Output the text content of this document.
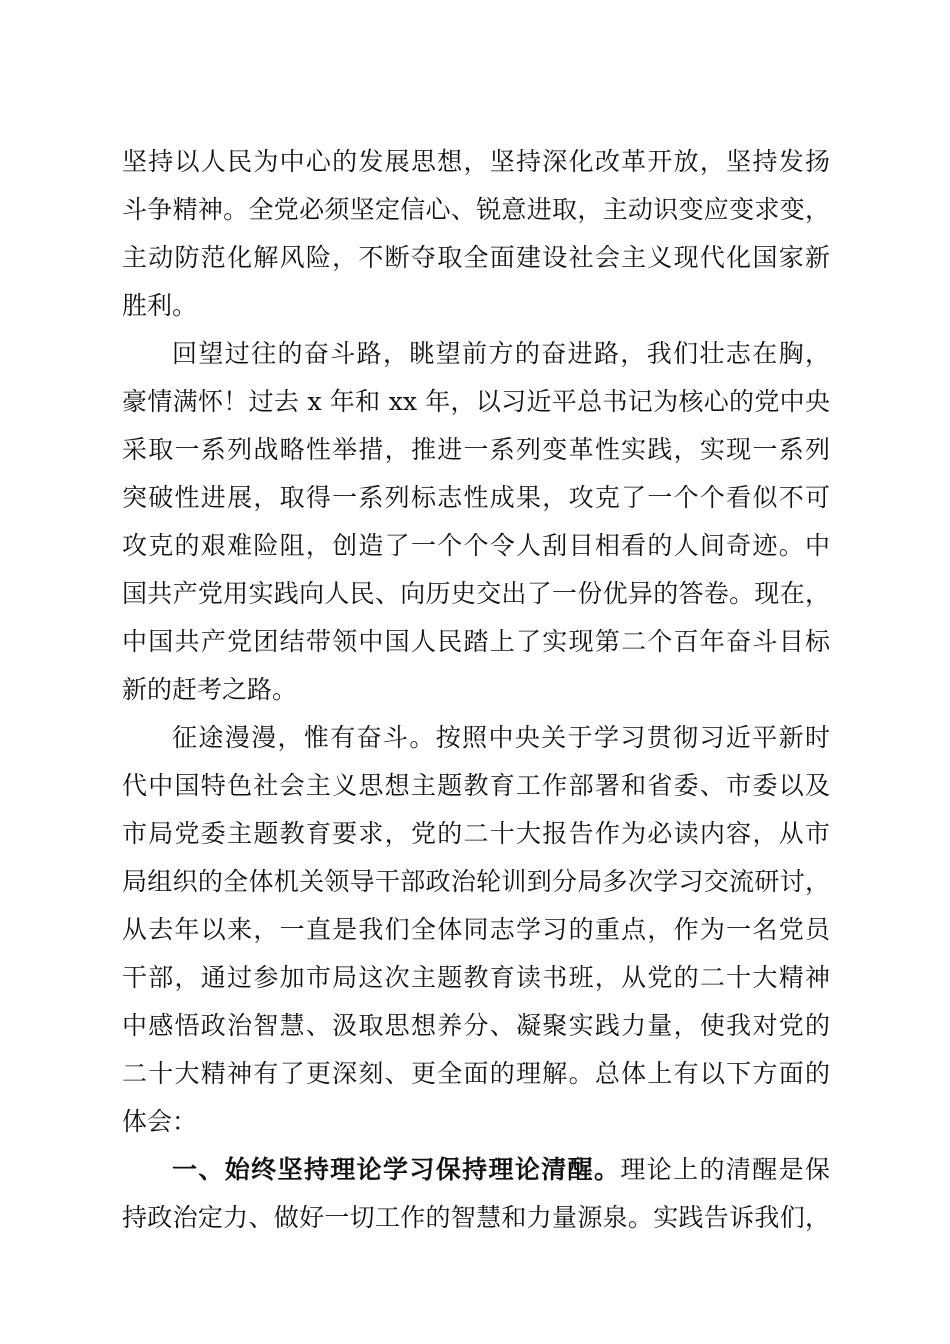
坚持以人民为中心的发展思想，坚持深化改革开放，坚持发扬
斗争精神。全党必须坚定信心、锐意进取，主动识变应变求变，
主动防范化解风险，不断夺取全面建设社会主义现代化国家新
胜利。
回望过往的奋斗路，眺望前方的奋进路，我们壮志在胸，
豪情满怀！过去 x 年和 xx 年，以习近平总书记为核心的党中央
采取一系列战略性举措，推进一系列变革性实践，实现一系列
突破性进展，取得一系列标志性成果，攻克了一个个看似不可
攻克的艰难险阻，创造了一个个令人刮目相看的人间奇迹。中
国共产党用实践向人民、向历史交出了一份优异的答卷。现在，
中国共产党团结带领中国人民踏上了实现第二个百年奋斗目标
新的赶考之路。
征途漫漫，惟有奋斗。按照中央关于学习贯彻习近平新时
代中国特色社会主义思想主题教育工作部署和省委、市委以及
市局党委主题教育要求，党的二十大报告作为必读内容，从市
局组织的全体机关领导干部政治轮训到分局多次学习交流研讨，
从去年以来，一直是我们全体同志学习的重点，作为一名党员
干部，通过参加市局这次主题教育读书班，从党的二十大精神
中感悟政治智慧、汲取思想养分、凝聚实践力量，使我对党的
二十大精神有了更深刻、更全面的理解。总体上有以下方面的
体会：
一、始终坚持理论学习保持理论清醒。理论上的清醒是保
持政治定力、做好一切工作的智慧和力量源泉。实践告诉我们，
